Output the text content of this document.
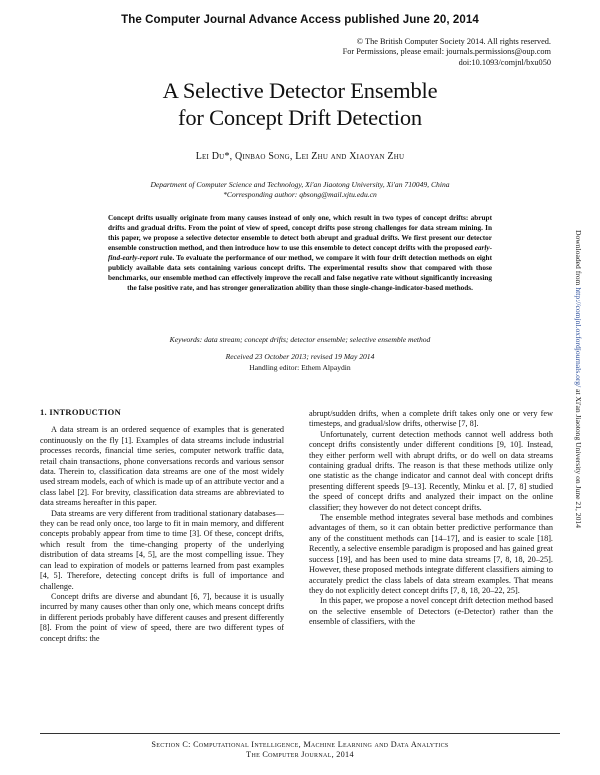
The Computer Journal Advance Access published June 20, 2014
© The British Computer Society 2014. All rights reserved.
For Permissions, please email: journals.permissions@oup.com
doi:10.1093/comjnl/bxu050
A Selective Detector Ensemble
for Concept Drift Detection
Lei Du*, Qinbao Song, Lei Zhu and Xiaoyan Zhu
Department of Computer Science and Technology, Xi'an Jiaotong University, Xi'an 710049, China
*Corresponding author: qbsong@mail.xjtu.edu.cn

Concept drifts usually originate from many causes instead of only one, which result in two types of concept drifts: abrupt drifts and gradual drifts. From the point of view of speed, concept drifts pose strong challenges for data stream mining. In this paper, we propose a selective detector ensemble to detect both abrupt and gradual drifts. We first present our detector ensemble construction method, and then introduce how to use this ensemble to detect concept drifts with the proposed early-find-early-report rule. To evaluate the performance of our method, we compare it with four drift detection methods on eight publicly available data sets containing various concept drifts. The experimental results show that compared with those benchmarks, our ensemble method can effectively improve the recall and false negative rate without significantly increasing the false positive rate, and has stronger generalization ability than those single-change-indicator-based methods.

Keywords: data stream; concept drifts; detector ensemble; selective ensemble method
Received 23 October 2013; revised 19 May 2014
Handling editor: Ethem Alpaydin
Downloaded from http://comjnl.oxfordjournals.org/ at Xi'an Jiaotong University on June 21, 2014
1. INTRODUCTION

A data stream is an ordered sequence of examples that is generated continuously on the fly [1]. Examples of data streams include industrial processes records, financial time series, computer network traffic data, retail chain transactions, phone conversations records and various sensor data. Therein to, classification data streams are one of the most widely used stream models, each of which is made up of an attribute vector and a class label [2]. For brevity, classification data streams are abbreviated to data streams hereafter in this paper.

Data streams are very different from traditional stationary databases—they can be read only once, too large to fit in main memory, and different concepts probably appear from time to time [3]. Of these, concept drifts, which result from the time-changing property of the underlying distribution of data streams [4, 5], are the most compelling issue. They can lead to expiration of models or patterns learned from past examples [4, 5]. Therefore, detecting concept drifts is full of importance and challenge.

Concept drifts are diverse and abundant [6, 7], because it is usually incurred by many causes other than only one, which means concept drifts in different periods probably have different causes and present differently [8]. From the point of view of speed, there are two different types of concept drifts: the

abrupt/sudden drifts, when a complete drift takes only one or very few timesteps, and gradual/slow drifts, otherwise [7, 8].

Unfortunately, current detection methods cannot well address both concept drifts consistently under different conditions [9, 10]. Instead, they either perform well with abrupt drifts, or do well on data streams containing gradual drifts. The reason is that these methods utilize only one statistic as the change indicator and cannot deal with concept drifts presenting different speeds [9–13]. Recently, Minku et al. [7, 8] studied the speed of concept drifts and analyzed their impact on the online classifier; they however do not detect concept drifts.

The ensemble method integrates several base methods and combines advantages of them, so it can obtain better predictive performance than any of the constituent methods can [14–17], and is easier to scale [18]. Recently, a selective ensemble paradigm is proposed and has gained great success [19], and has been used to mine data streams [7, 8, 18, 20–25]. However, these proposed methods integrate different classifiers aiming to accurately predict the class labels of data stream examples. That means they do not explicitly detect concept drifts [7, 8, 18, 20–22, 25].

In this paper, we propose a novel concept drift detection method based on the selective ensemble of Detectors (e-Detector) rather than the ensemble of classifiers, with the

Section C: Computational Intelligence, Machine Learning and Data Analytics
The Computer Journal, 2014
